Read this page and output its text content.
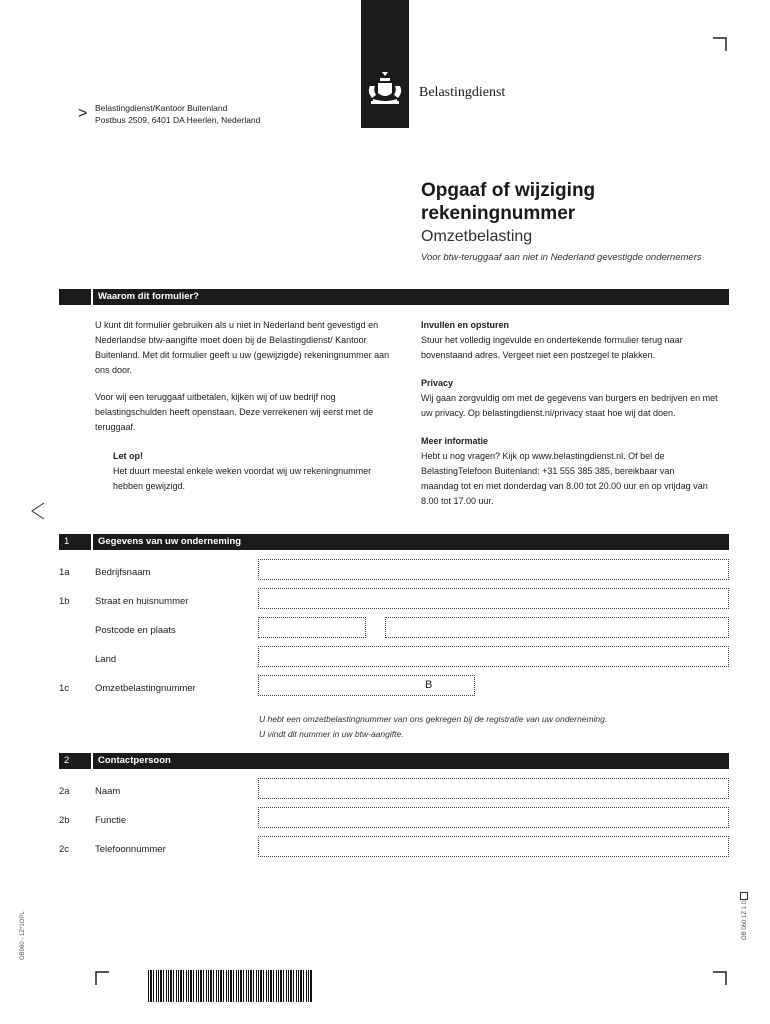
Belastingdienst
> Belastingdienst/Kantoor Buitenland
Postbus 2509, 6401 DA Heerlen, Nederland
Opgaaf of wijziging
rekeningnummer
Omzetbelasting
Voor btw-teruggaaf aan niet in Nederland gevestigde ondernemers
Waarom dit formulier?
U kunt dit formulier gebruiken als u niet in Nederland bent gevestigd en Nederlandse btw-aangifte moet doen bij de Belastingdienst/ Kantoor Buitenland. Met dit formulier geeft u uw (gewijzigde) rekeningnummer aan ons door.
Voor wij een teruggaaf uitbetalen, kijken wij of uw bedrijf nog belastingschulden heeft openstaan. Deze verrekenen wij eerst met de teruggaaf.
Let op!
Het duurt meestal enkele weken voordat wij uw rekeningnummer hebben gewijzigd.
Invullen en opsturen
Stuur het volledig ingevulde en ondertekende formulier terug naar bovenstaand adres. Vergeet niet een postzegel te plakken.
Privacy
Wij gaan zorgvuldig om met de gegevens van burgers en bedrijven en met uw privacy. Op belastingdienst.nl/privacy staat hoe wij dat doen.
Meer informatie
Hebt u nog vragen? Kijk op www.belastingdienst.nl. Of bel de BelastingTelefoon Buitenland: +31 555 385 385, bereikbaar van maandag tot en met donderdag van 8.00 tot 20.00 uur en op vrijdag van 8.00 tot 17.00 uur.
1	Gegevens van uw onderneming
1a	Bedrijfsnaam
1b	Straat en huisnummer
Postcode en plaats
Land
1c	Omzetbelastingnummer	B
U hebt een omzetbelastingnummer van ons gekregen bij de registratie van uw onderneming.
U vindt dit nummer in uw btw-aangifte.
2	Contactpersoon
2a	Naam
2b	Functie
2c	Telefoonnummer
OB060 - 1Z*1OPL	OB 060 1Z 1 01
